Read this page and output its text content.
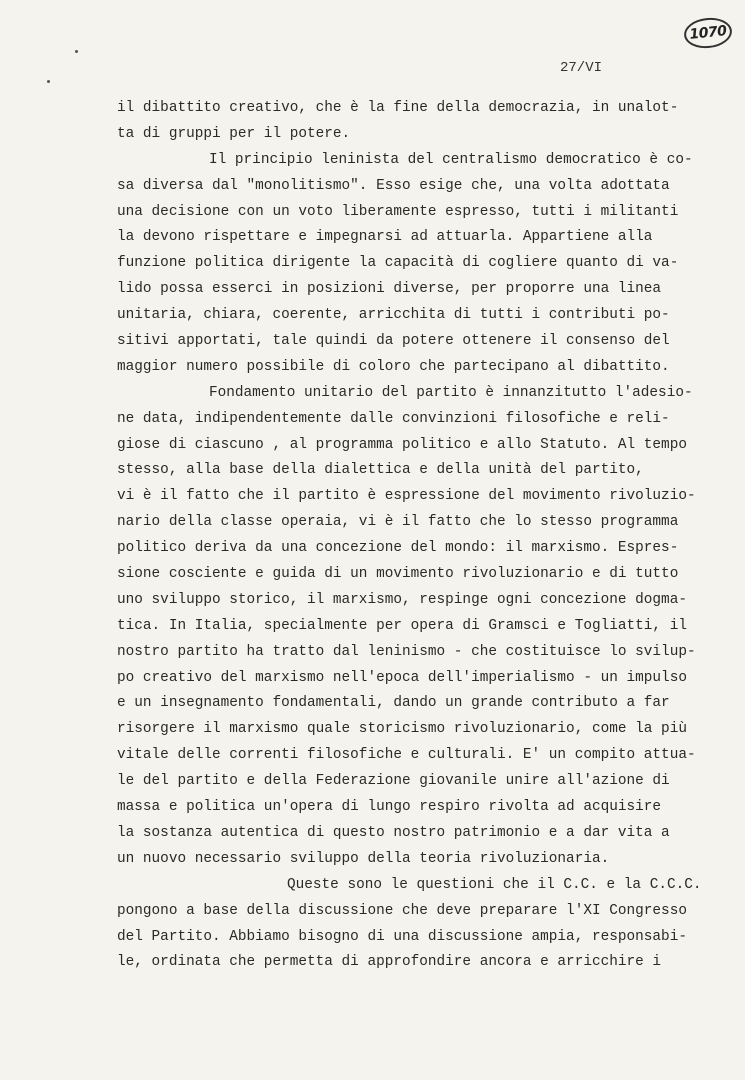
1070
27/VI
il dibattito creativo, che è la fine della democrazia, in unalot-
ta di gruppi per il potere.
Il principio leninista del centralismo democratico è co-
sa diversa dal "monolitismo". Esso esige che, una volta adottata
una decisione con un voto liberamente espresso, tutti i militanti
la devono rispettare e impegnarsi ad attuarla. Appartiene alla
funzione politica dirigente la capacità di cogliere quanto di va-
lido possa esserci in posizioni diverse, per proporre una linea
unitaria, chiara, coerente, arricchita di tutti i contributi po-
sitivi apportati, tale quindi da potere ottenere il consenso del
maggior numero possibile di coloro che partecipano al dibattito.
Fondamento unitario del partito è innanzitutto l'adesio-
ne data, indipendentemente dalle convinzioni filosofiche e reli-
giose di ciascuno , al programma politico e allo Statuto. Al tempo
stesso, alla base della dialettica e della unità del partito,
vi è il fatto che il partito è espressione del movimento rivoluzio-
nario della classe operaia, vi è il fatto che lo stesso programma
politico deriva da una concezione del mondo: il marxismo. Espres-
sione cosciente e guida di un movimento rivoluzionario e di tutto
uno sviluppo storico, il marxismo, respinge ogni concezione dogma-
tica. In Italia, specialmente per opera di Gramsci e Togliatti, il
nostro partito ha tratto dal leninismo - che costituisce lo svilup-
po creativo del marxismo nell'epoca dell'imperialismo - un impulso
e un insegnamento fondamentali, dando un grande contributo a far
risorgere il marxismo quale storicismo rivoluzionario, come la più
vitale delle correnti filosofiche e culturali. E' un compito attua-
le del partito e della Federazione giovanile unire all'azione di
massa e politica un'opera di lungo respiro rivolta ad acquisire
la sostanza autentica di questo nostro patrimonio e a dar vita a
un nuovo necessario sviluppo della teoria rivoluzionaria.
Queste sono le questioni che il C.C. e la C.C.C.
pongono a base della discussione che deve preparare l'XI Congresso
del Partito. Abbiamo bisogno di una discussione ampia, responsabi-
le, ordinata che permetta di approfondire ancora e arricchire i
